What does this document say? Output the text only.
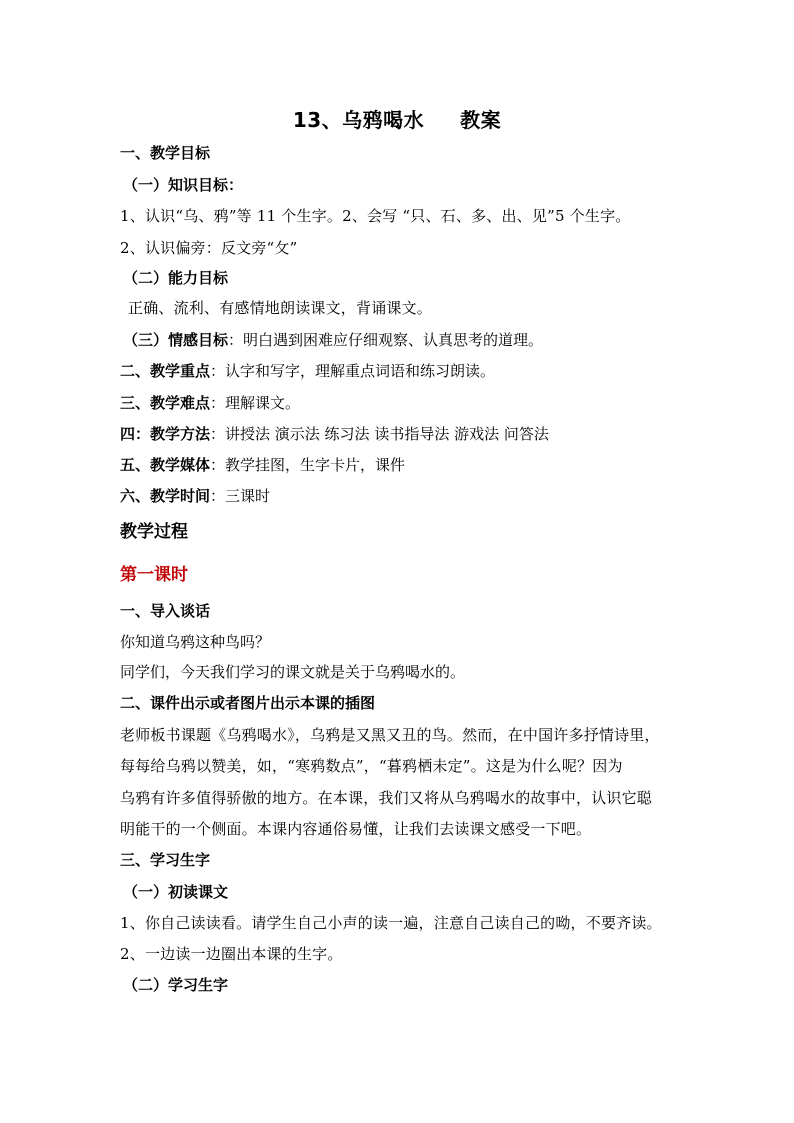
13、乌鸦喝水 教案
一、教学目标
（一）知识目标：
1、认识“乌、鸦”等 11 个生字。2、会写 “只、石、多、出、见”5 个生字。
2、认识偏旁：反文旁“攵”
（二）能力目标
正确、流利、有感情地朗读课文，背诵课文。
（三）情感目标：明白遇到困难应仔细观察、认真思考的道理。
二、教学重点：认字和写字，理解重点词语和练习朗读。
三、教学难点：理解课文。
四：教学方法：讲授法 演示法 练习法 读书指导法 游戏法 问答法
五、教学媒体：教学挂图，生字卡片，课件
六、教学时间：三课时
教学过程
第一课时
一、导入谈话
你知道乌鸦这种鸟吗？
同学们，今天我们学习的课文就是关于乌鸦喝水的。
二、课件出示或者图片出示本课的插图
老师板书课题《乌鸦喝水》，乌鸦是又黑又丑的鸟。然而，在中国许多抒情诗里，
每每给乌鸦以赞美，如，“寒鸦数点”，“暮鸦栖未定”。这是为什么呢？因为
乌鸦有许多值得骄傲的地方。在本课，我们又将从乌鸦喝水的故事中，认识它聪
明能干的一个侧面。本课内容通俗易懂，让我们去读课文感受一下吧。
三、学习生字
（一）初读课文
1、你自己读读看。请学生自己小声的读一遍，注意自己读自己的呦，不要齐读。
2、一边读一边圈出本课的生字。
（二）学习生字
